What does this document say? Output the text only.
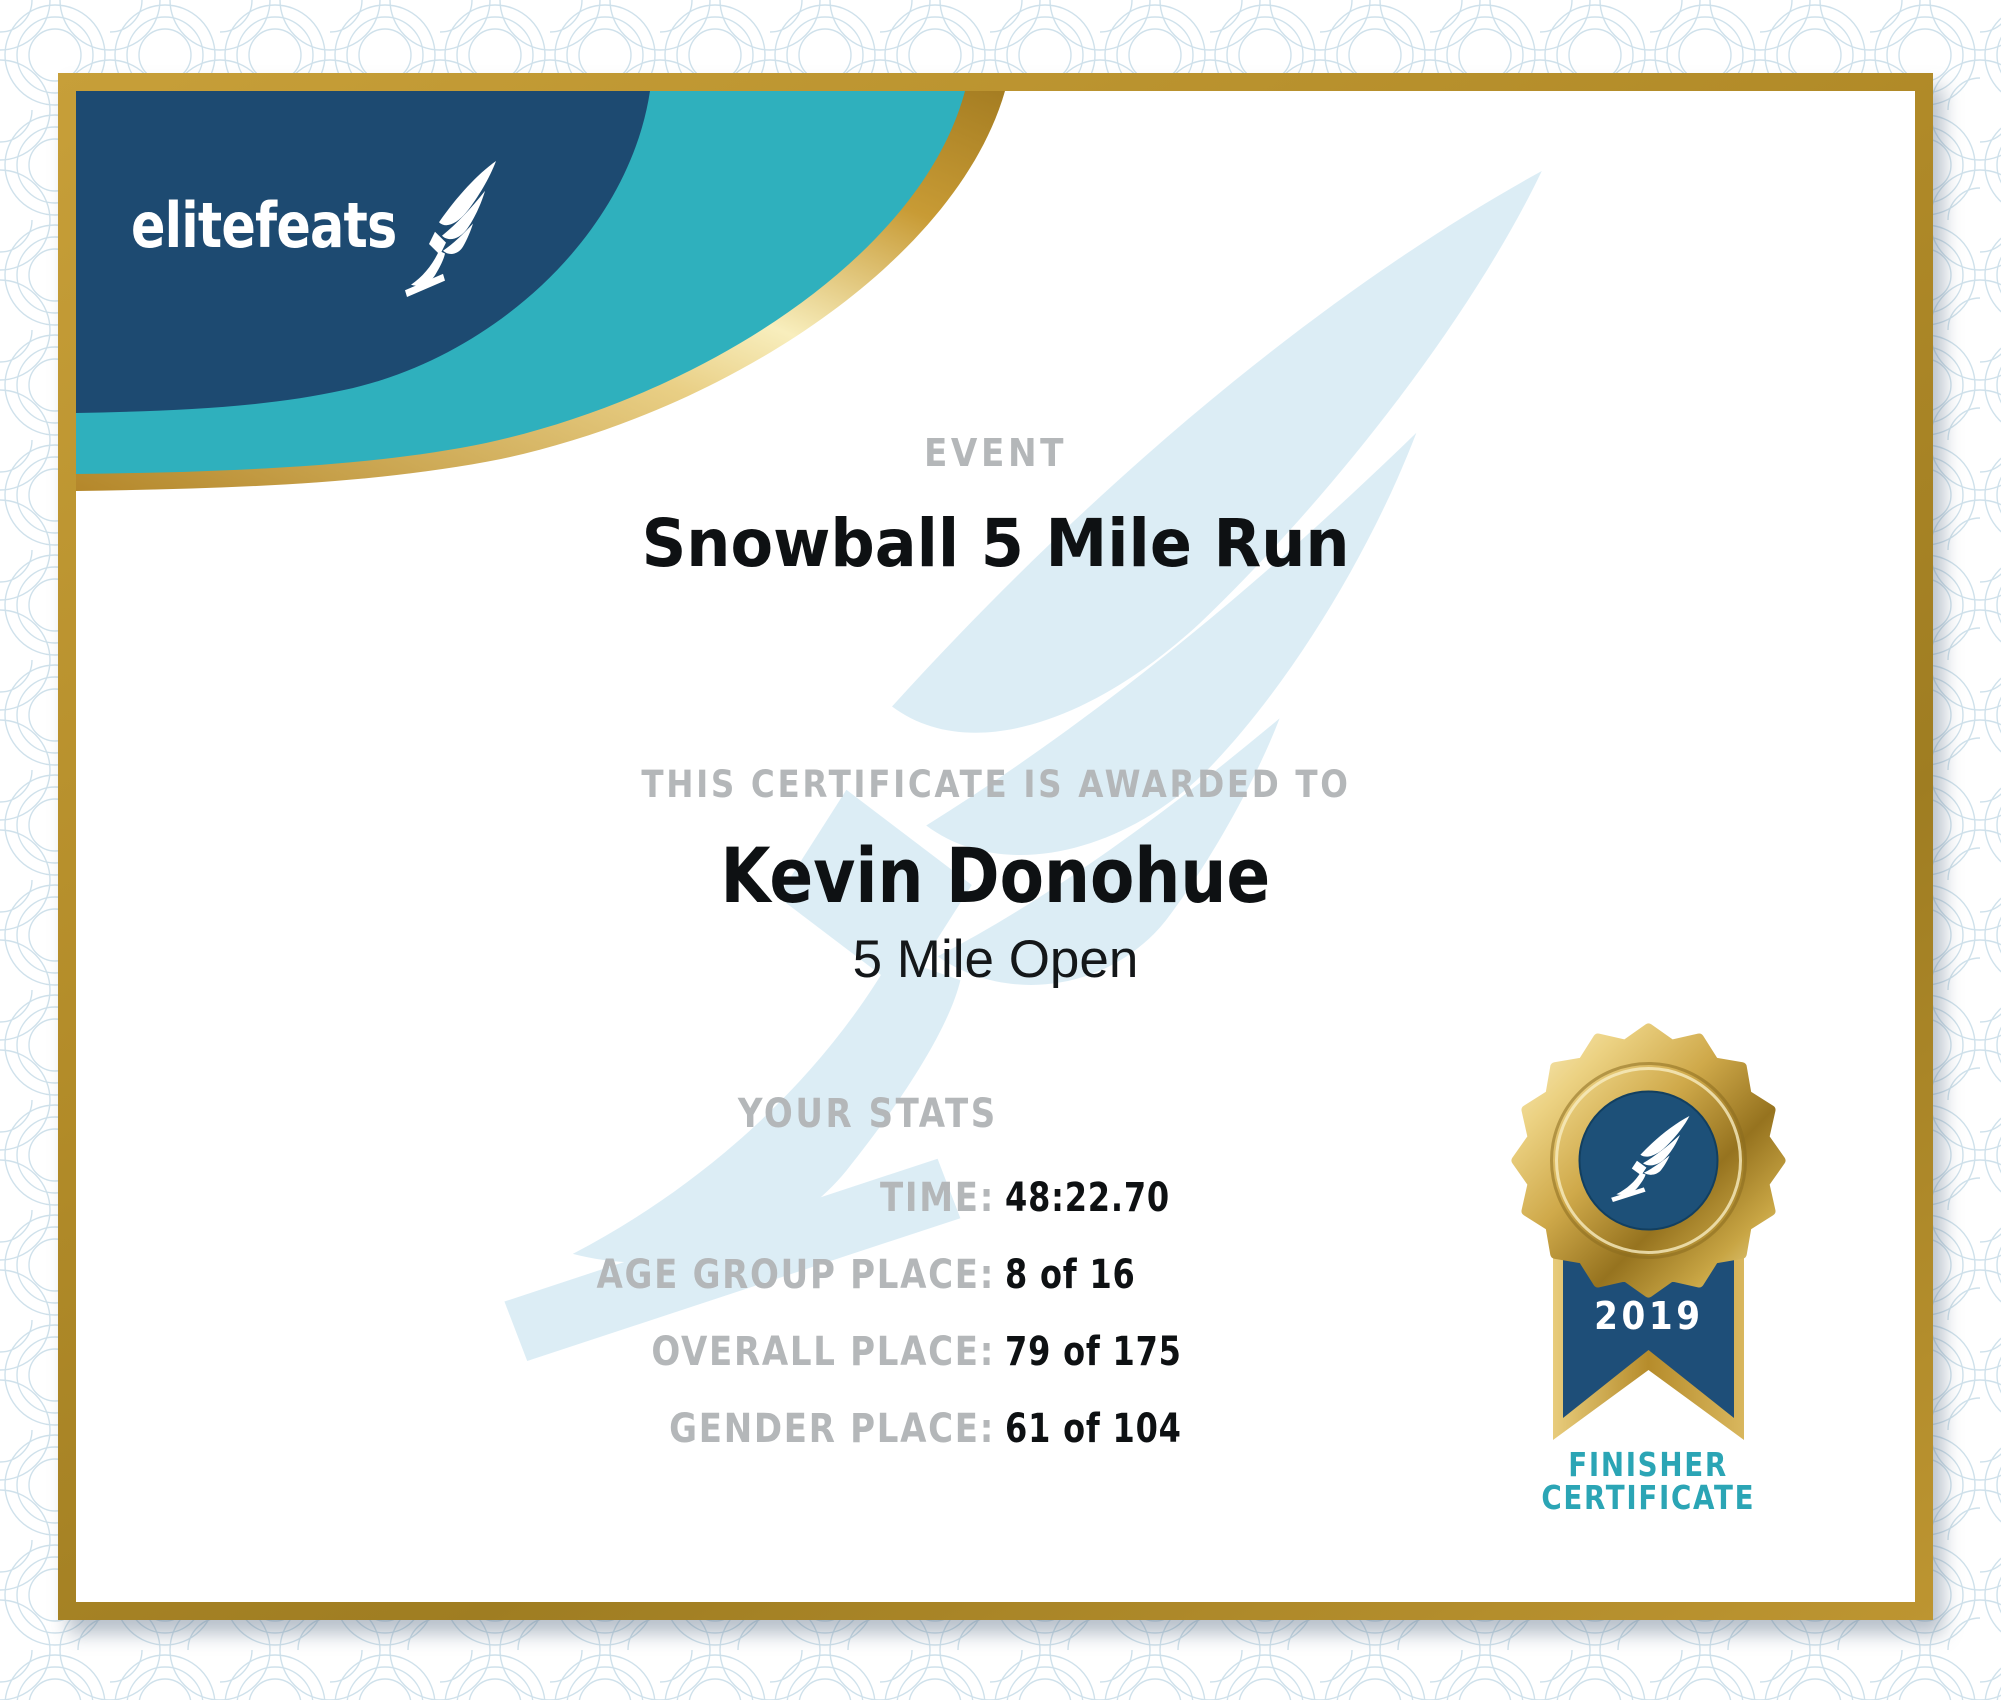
elitefeats
EVENT
Snowball 5 Mile Run
THIS CERTIFICATE IS AWARDED TO
Kevin Donohue
5 Mile Open
YOUR STATS
TIME: 48:22.70
AGE GROUP PLACE: 8 of 16
OVERALL PLACE: 79 of 175
GENDER PLACE: 61 of 104
2019
FINISHER
CERTIFICATE
